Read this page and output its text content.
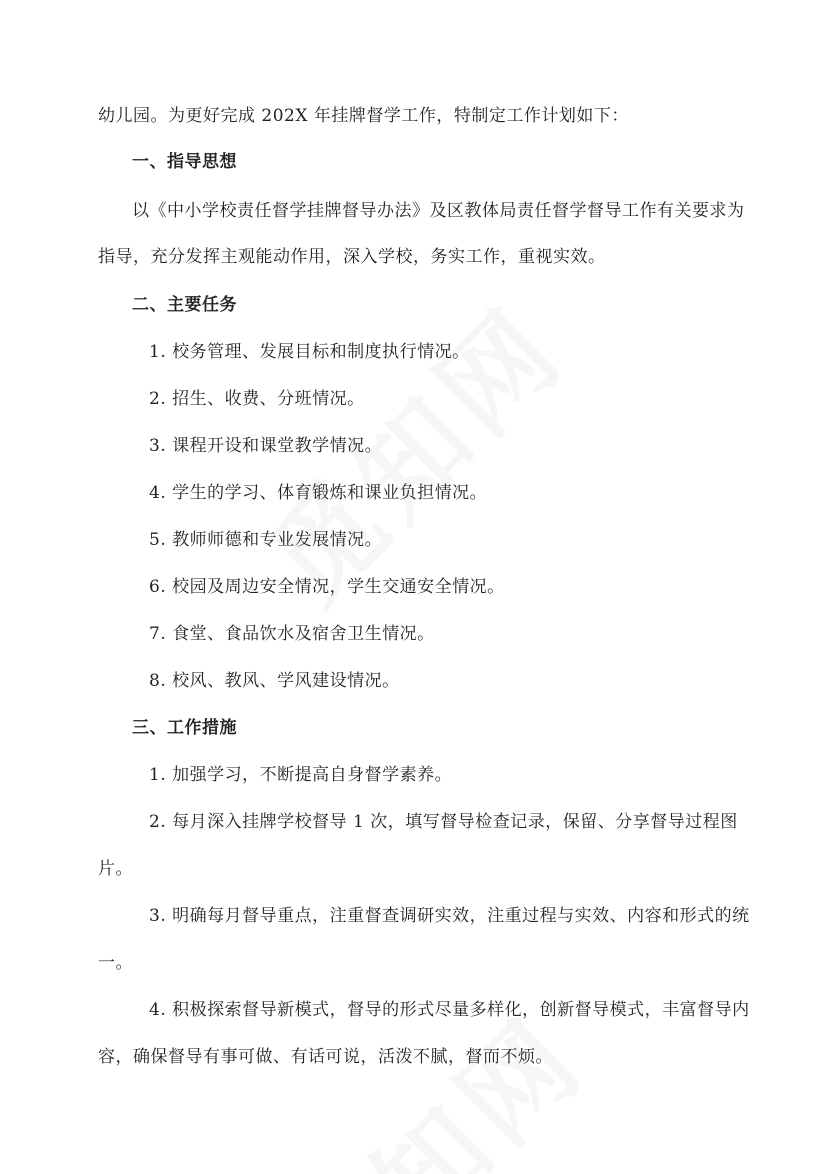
幼儿园。为更好完成 202X 年挂牌督学工作，特制定工作计划如下：
一、指导思想
以《中小学校责任督学挂牌督导办法》及区教体局责任督学督导工作有关要求为
指导，充分发挥主观能动作用，深入学校，务实工作，重视实效。
二、主要任务
1. 校务管理、发展目标和制度执行情况。
2. 招生、收费、分班情况。
3. 课程开设和课堂教学情况。
4. 学生的学习、体育锻炼和课业负担情况。
5. 教师师德和专业发展情况。
6. 校园及周边安全情况，学生交通安全情况。
7. 食堂、食品饮水及宿舍卫生情况。
8. 校风、教风、学风建设情况。
三、工作措施
1. 加强学习，不断提高自身督学素养。
2. 每月深入挂牌学校督导 1 次，填写督导检查记录，保留、分享督导过程图
片。
3. 明确每月督导重点，注重督查调研实效，注重过程与实效、内容和形式的统
一。
4. 积极探索督导新模式，督导的形式尽量多样化，创新督导模式，丰富督导内
容，确保督导有事可做、有话可说，活泼不腻，督而不烦。
